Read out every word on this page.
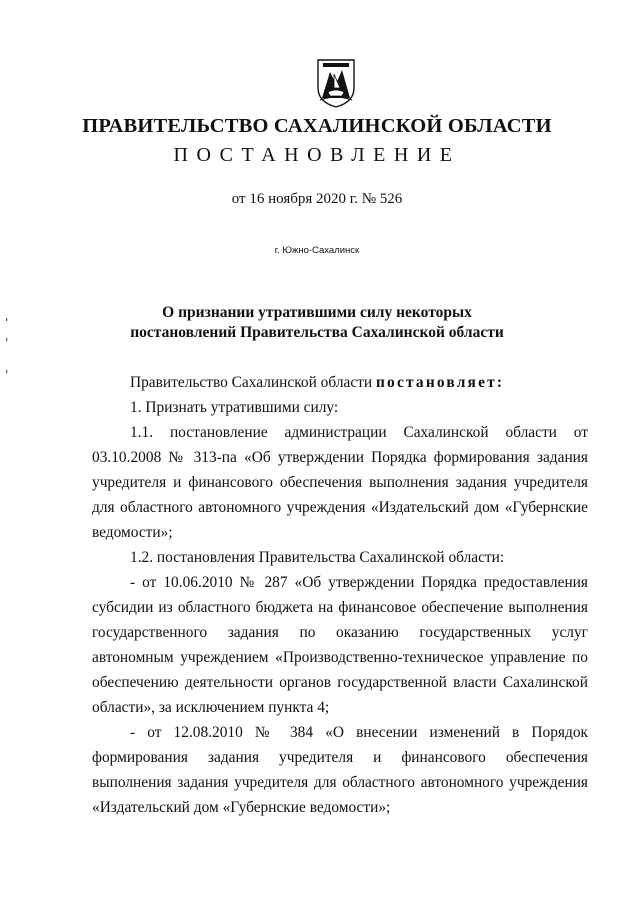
ПРАВИТЕЛЬСТВО САХАЛИНСКОЙ ОБЛАСТИ
ПОСТАНОВЛЕНИЕ
от 16 ноября 2020 г. № 526
г. Южно-Сахалинск
О признании утратившими силу некоторых
постановлений Правительства Сахалинской области

Правительство Сахалинской области постановляет:

1. Признать утратившими силу:

1.1. постановление администрации Сахалинской области от 03.10.2008 № 313-па «Об утверждении Порядка формирования задания учредителя и финансового обеспечения выполнения задания учредителя для областного автономного учреждения «Издательский дом «Губернские ведомости»;

1.2. постановления Правительства Сахалинской области:

- от 10.06.2010 № 287 «Об утверждении Порядка предоставления субсидии из областного бюджета на финансовое обеспечение выполнения государственного задания по оказанию государственных услуг автономным учреждением «Производственно-техническое управление по обеспечению деятельности органов государственной власти Сахалинской области», за исключением пункта 4;

- от 12.08.2010 № 384 «О внесении изменений в Порядок формирования задания учредителя и финансового обеспечения выполнения задания учредителя для областного автономного учреждения «Издательский дом «Губернские ведомости»;
